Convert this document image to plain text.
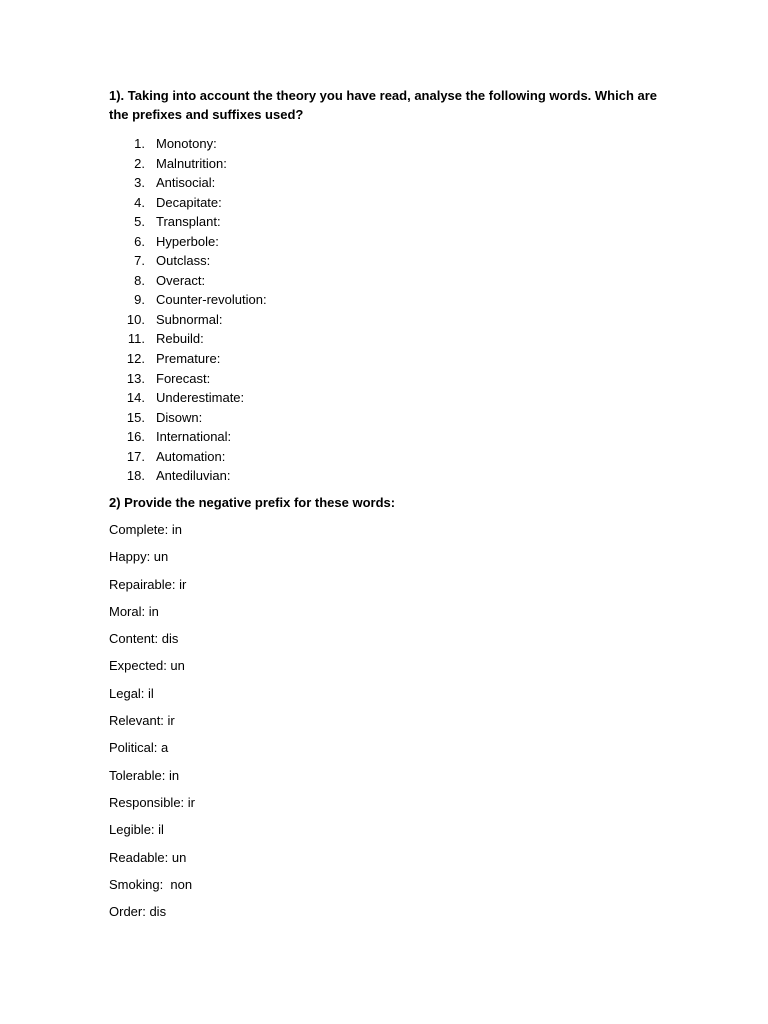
1). Taking into account the theory you have read, analyse the following words. Which are the prefixes and suffixes used?

1. Monotony:
2. Malnutrition:
3. Antisocial:
4. Decapitate:
5. Transplant:
6. Hyperbole:
7. Outclass:
8. Overact:
9. Counter-revolution:
10. Subnormal:
11. Rebuild:
12. Premature:
13. Forecast:
14. Underestimate:
15. Disown:
16. International:
17. Automation:
18. Antediluvian:

2) Provide the negative prefix for these words:

Complete: in
Happy: un
Repairable: ir
Moral: in
Content: dis
Expected: un
Legal: il
Relevant: ir
Political: a
Tolerable: in
Responsible: ir
Legible: il
Readable: un
Smoking:  non
Order: dis
